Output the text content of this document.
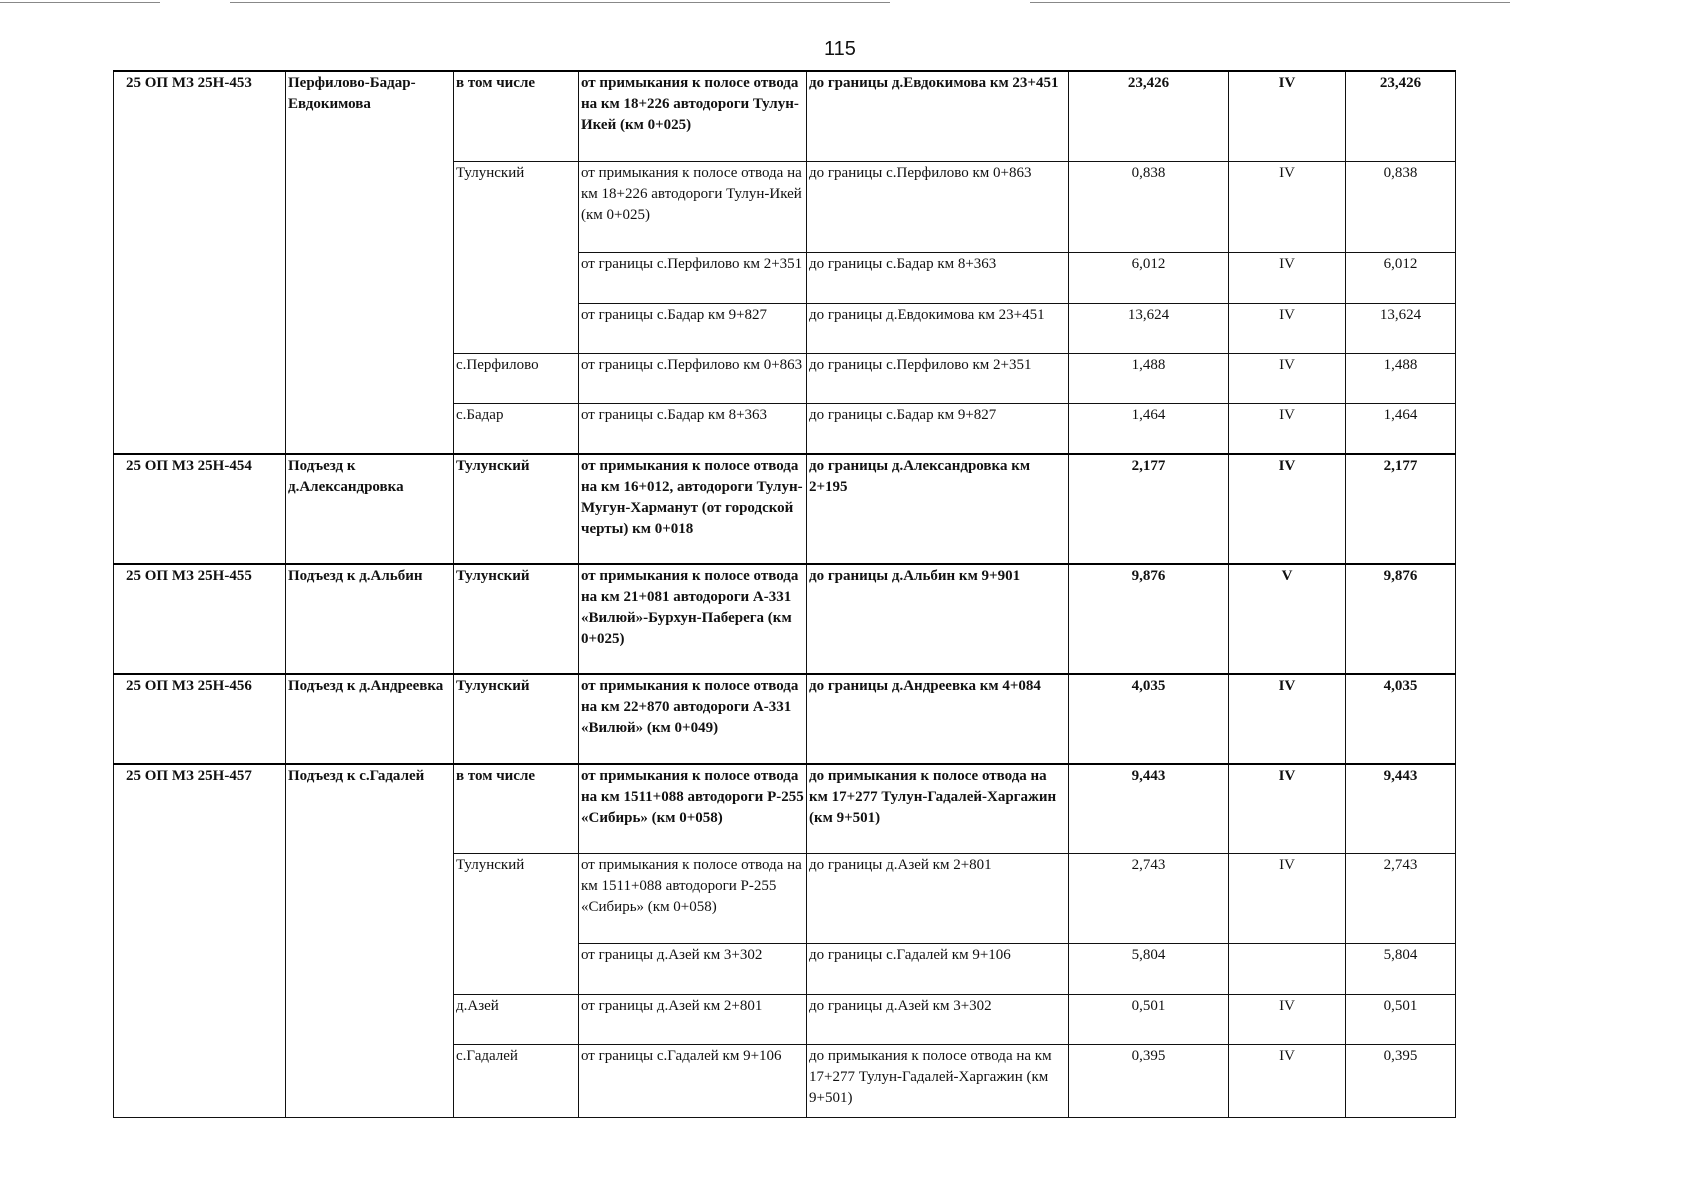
115
25 ОП МЗ 25Н-453	Перфилово-Бадар-Евдокимова	в том числе	от примыкания к полосе отвода на км 18+226 автодороги Тулун-Икей (км 0+025)	до границы д.Евдокимова км 23+451	23,426	IV	23,426
		Тулунский	от примыкания к полосе отвода на км 18+226 автодороги Тулун-Икей (км 0+025)	до границы с.Перфилово км 0+863	0,838	IV	0,838
			от границы с.Перфилово км 2+351	до границы с.Бадар км 8+363	6,012	IV	6,012
			от границы с.Бадар км 9+827	до границы д.Евдокимова км 23+451	13,624	IV	13,624
		с.Перфилово	от границы с.Перфилово км 0+863	до границы с.Перфилово км 2+351	1,488	IV	1,488
		с.Бадар	от границы с.Бадар км 8+363	до границы с.Бадар км 9+827	1,464	IV	1,464
25 ОП МЗ 25Н-454	Подъезд к д.Александровка	Тулунский	от примыкания к полосе отвода на км 16+012, автодороги Тулун-Мугун-Харманут (от городской черты) км 0+018	до границы д.Александровка км 2+195	2,177	IV	2,177
25 ОП МЗ 25Н-455	Подъезд к д.Альбин	Тулунский	от примыкания к полосе отвода на км 21+081 автодороги А-331 «Вилюй»-Бурхун-Паберега (км 0+025)	до границы д.Альбин км 9+901	9,876	V	9,876
25 ОП МЗ 25Н-456	Подъезд к д.Андреевка	Тулунский	от примыкания к полосе отвода на км 22+870 автодороги А-331 «Вилюй» (км 0+049)	до границы д.Андреевка км 4+084	4,035	IV	4,035
25 ОП МЗ 25Н-457	Подъезд к с.Гадалей	в том числе	от примыкания к полосе отвода на км 1511+088 автодороги Р-255 «Сибирь» (км 0+058)	до примыкания к полосе отвода на км 17+277 Тулун-Гадалей-Харгажин (км 9+501)	9,443	IV	9,443
		Тулунский	от примыкания к полосе отвода на км 1511+088 автодороги Р-255 «Сибирь» (км 0+058)	до границы д.Азей км 2+801	2,743	IV	2,743
			от границы д.Азей км 3+302	до границы с.Гадалей км 9+106	5,804		5,804
		д.Азей	от границы д.Азей км 2+801	до границы д.Азей км 3+302	0,501	IV	0,501
		с.Гадалей	от границы с.Гадалей км 9+106	до примыкания к полосе отвода на км 17+277 Тулун-Гадалей-Харгажин (км 9+501)	0,395	IV	0,395
